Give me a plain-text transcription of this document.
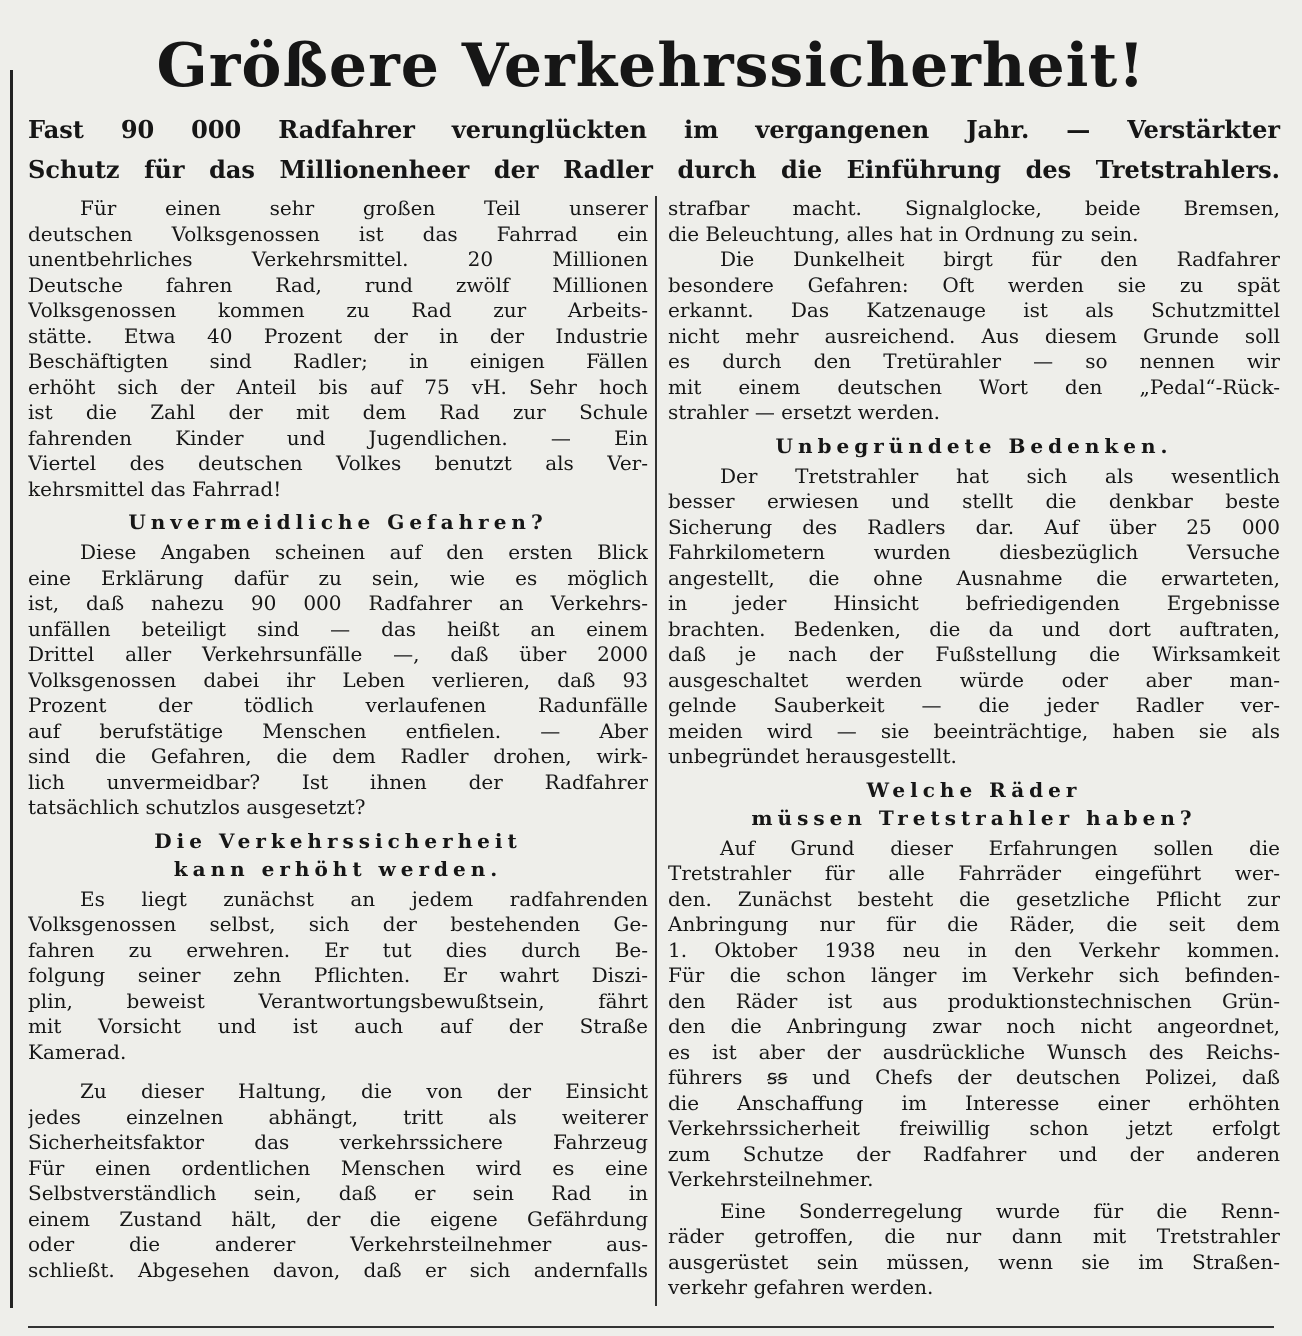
Größere Verkehrssicherheit!
Fast 90 000 Radfahrer verunglückten im vergangenen Jahr. — Verstärkter
Schutz für das Millionenheer der Radler durch die Einführung des Tretstrahlers.
Für einen sehr großen Teil unserer
deutschen Volksgenossen ist das Fahrrad ein
unentbehrliches Verkehrsmittel. 20 Millionen
Deutsche fahren Rad, rund zwölf Millionen
Volksgenossen kommen zu Rad zur Arbeits-
stätte. Etwa 40 Prozent der in der Industrie
Beschäftigten sind Radler; in einigen Fällen
erhöht sich der Anteil bis auf 75 vH. Sehr hoch
ist die Zahl der mit dem Rad zur Schule
fahrenden Kinder und Jugendlichen. — Ein
Viertel des deutschen Volkes benutzt als Ver-
kehrsmittel das Fahrrad!
Unvermeidliche Gefahren?
Diese Angaben scheinen auf den ersten Blick
eine Erklärung dafür zu sein, wie es möglich
ist, daß nahezu 90 000 Radfahrer an Verkehrs-
unfällen beteiligt sind — das heißt an einem
Drittel aller Verkehrsunfälle —, daß über 2000
Volksgenossen dabei ihr Leben verlieren, daß 93
Prozent der tödlich verlaufenen Radunfälle
auf berufstätige Menschen entfielen. — Aber
sind die Gefahren, die dem Radler drohen, wirk-
lich unvermeidbar? Ist ihnen der Radfahrer
tatsächlich schutzlos ausgesetzt?
Die Verkehrssicherheit
kann erhöht werden.
Es liegt zunächst an jedem radfahrenden
Volksgenossen selbst, sich der bestehenden Ge-
fahren zu erwehren. Er tut dies durch Be-
folgung seiner zehn Pflichten. Er wahrt Diszi-
plin, beweist Verantwortungsbewußtsein, fährt
mit Vorsicht und ist auch auf der Straße
Kamerad.
Zu dieser Haltung, die von der Einsicht
jedes einzelnen abhängt, tritt als weiterer
Sicherheitsfaktor das verkehrssichere Fahrzeug
Für einen ordentlichen Menschen wird es eine
Selbstverständlich sein, daß er sein Rad in
einem Zustand hält, der die eigene Gefährdung
oder die anderer Verkehrsteilnehmer aus-
schließt. Abgesehen davon, daß er sich andernfalls
strafbar macht. Signalglocke, beide Bremsen,
die Beleuchtung, alles hat in Ordnung zu sein.
Die Dunkelheit birgt für den Radfahrer
besondere Gefahren: Oft werden sie zu spät
erkannt. Das Katzenauge ist als Schutzmittel
nicht mehr ausreichend. Aus diesem Grunde soll
es durch den Tretürahler — so nennen wir
mit einem deutschen Wort den „Pedal“-Rück-
strahler — ersetzt werden.
Unbegründete Bedenken.
Der Tretstrahler hat sich als wesentlich
besser erwiesen und stellt die denkbar beste
Sicherung des Radlers dar. Auf über 25 000
Fahrkilometern wurden diesbezüglich Versuche
angestellt, die ohne Ausnahme die erwarteten,
in jeder Hinsicht befriedigenden Ergebnisse
brachten. Bedenken, die da und dort auftraten,
daß je nach der Fußstellung die Wirksamkeit
ausgeschaltet werden würde oder aber man-
gelnde Sauberkeit — die jeder Radler ver-
meiden wird — sie beeinträchtige, haben sie als
unbegründet herausgestellt.
Welche Räder
müssen Tretstrahler haben?
Auf Grund dieser Erfahrungen sollen die
Tretstrahler für alle Fahrräder eingeführt wer-
den. Zunächst besteht die gesetzliche Pflicht zur
Anbringung nur für die Räder, die seit dem
1. Oktober 1938 neu in den Verkehr kommen.
Für die schon länger im Verkehr sich befinden-
den Räder ist aus produktionstechnischen Grün-
den die Anbringung zwar noch nicht angeordnet,
es ist aber der ausdrückliche Wunsch des Reichs-
führers ꞩꞩ und Chefs der deutschen Polizei, daß
die Anschaffung im Interesse einer erhöhten
Verkehrssicherheit freiwillig schon jetzt erfolgt
zum Schutze der Radfahrer und der anderen
Verkehrsteilnehmer.
Eine Sonderregelung wurde für die Renn-
räder getroffen, die nur dann mit Tretstrahler
ausgerüstet sein müssen, wenn sie im Straßen-
verkehr gefahren werden.
